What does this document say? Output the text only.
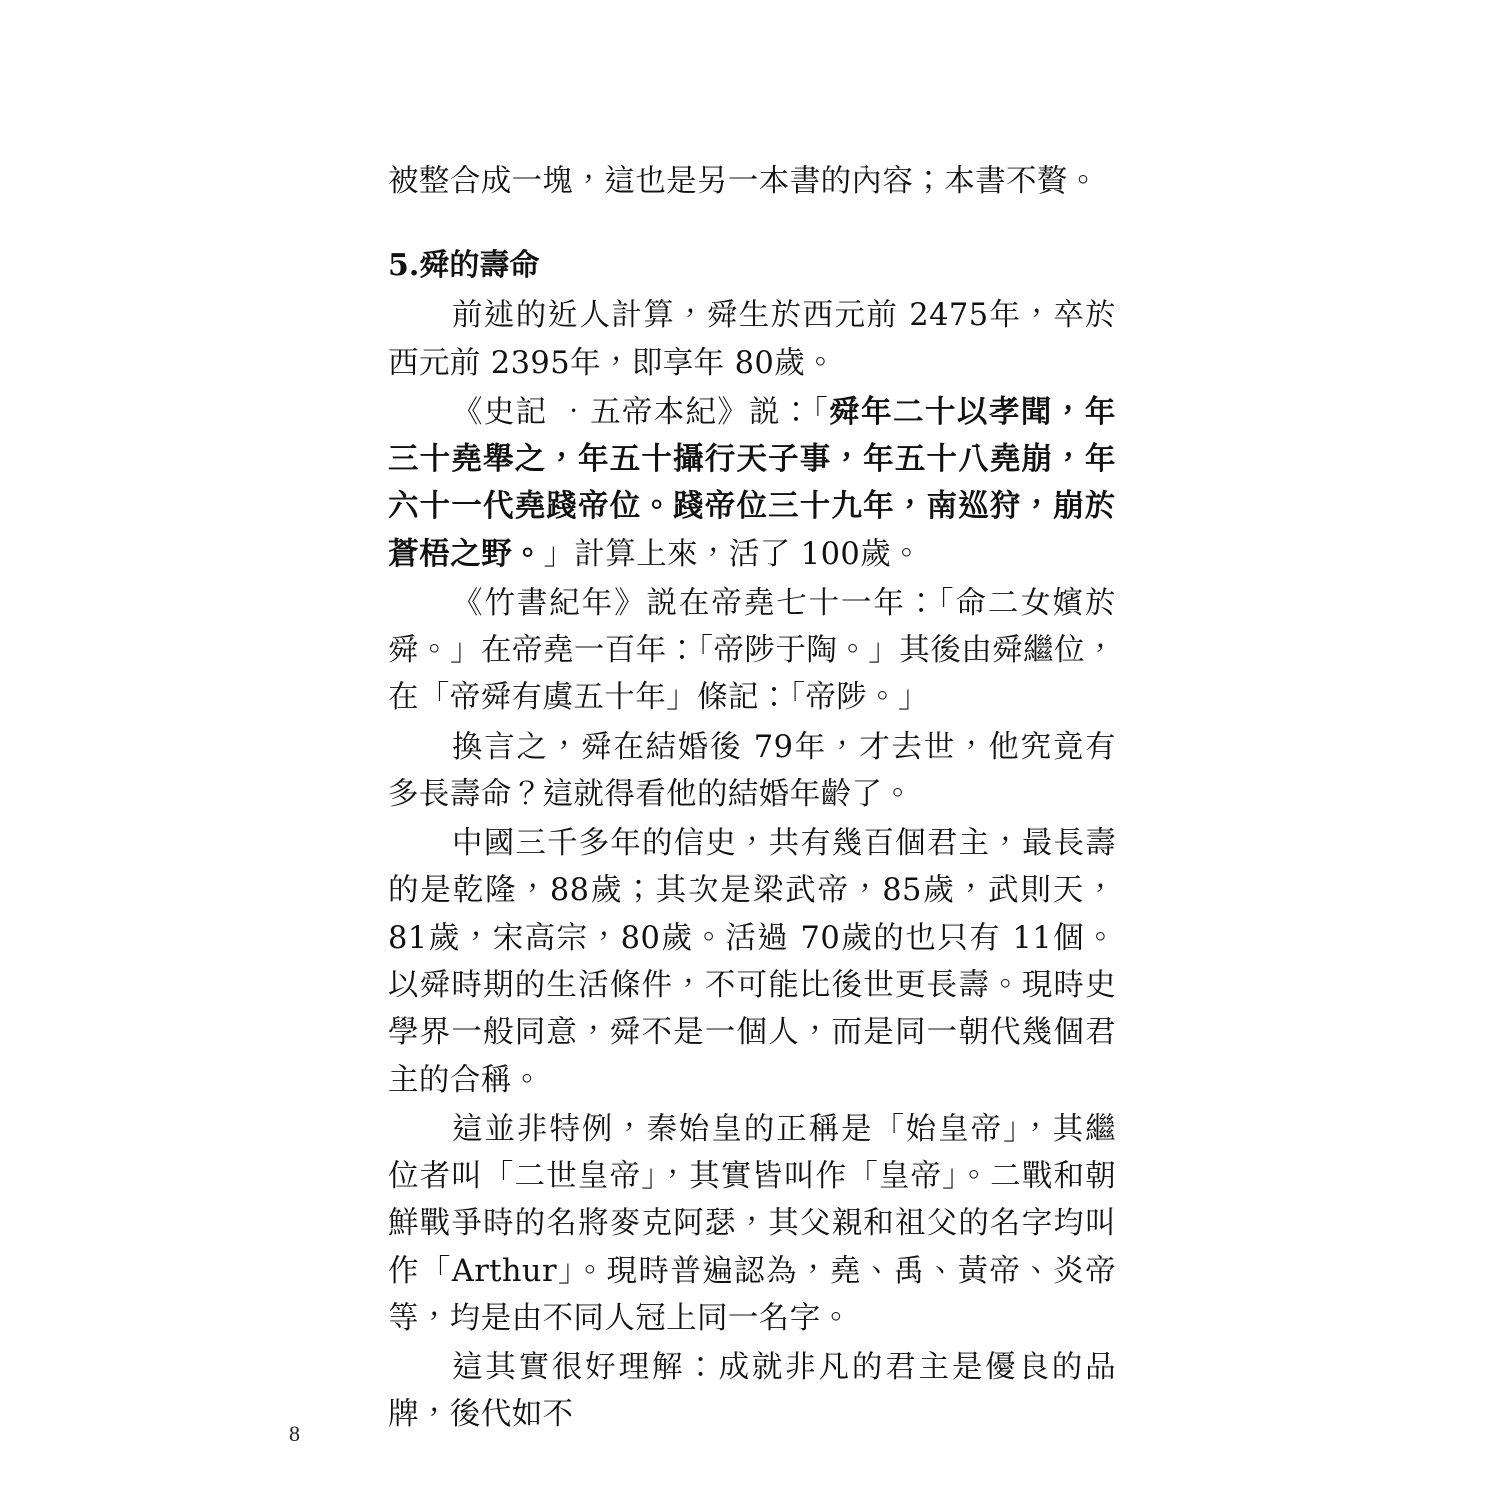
被整合成一塊，這也是另一本書的內容；本書不贅。

5.舜的壽命

前述的近人計算，舜生於西元前 2475年，卒於西元前 2395年，即享年 80歲。

《史記 ‧五帝本紀》説：「舜年二十以孝聞，年三十堯舉之，年五十攝行天子事，年五十八堯崩，年六十一代堯踐帝位。踐帝位三十九年，南巡狩，崩於蒼梧之野。」計算上來，活了 100歲。

《竹書紀年》説在帝堯七十一年：「命二女嬪於舜。」在帝堯一百年：「帝陟于陶。」其後由舜繼位，在「帝舜有虞五十年」條記：「帝陟。」

換言之，舜在結婚後 79年，才去世，他究竟有多長壽命？這就得看他的結婚年齡了。

中國三千多年的信史，共有幾百個君主，最長壽的是乾隆，88歲；其次是梁武帝，85歲，武則天，81歲，宋高宗，80歲。活過 70歲的也只有 11個。以舜時期的生活條件，不可能比後世更長壽。現時史學界一般同意，舜不是一個人，而是同一朝代幾個君主的合稱。

這並非特例，秦始皇的正稱是「始皇帝」，其繼位者叫「二世皇帝」，其實皆叫作「皇帝」。二戰和朝鮮戰爭時的名將麥克阿瑟，其父親和祖父的名字均叫作「Arthur」。現時普遍認為，堯、禹、黃帝、炎帝等，均是由不同人冠上同一名字。

這其實很好理解：成就非凡的君主是優良的品牌，後代如不

8
